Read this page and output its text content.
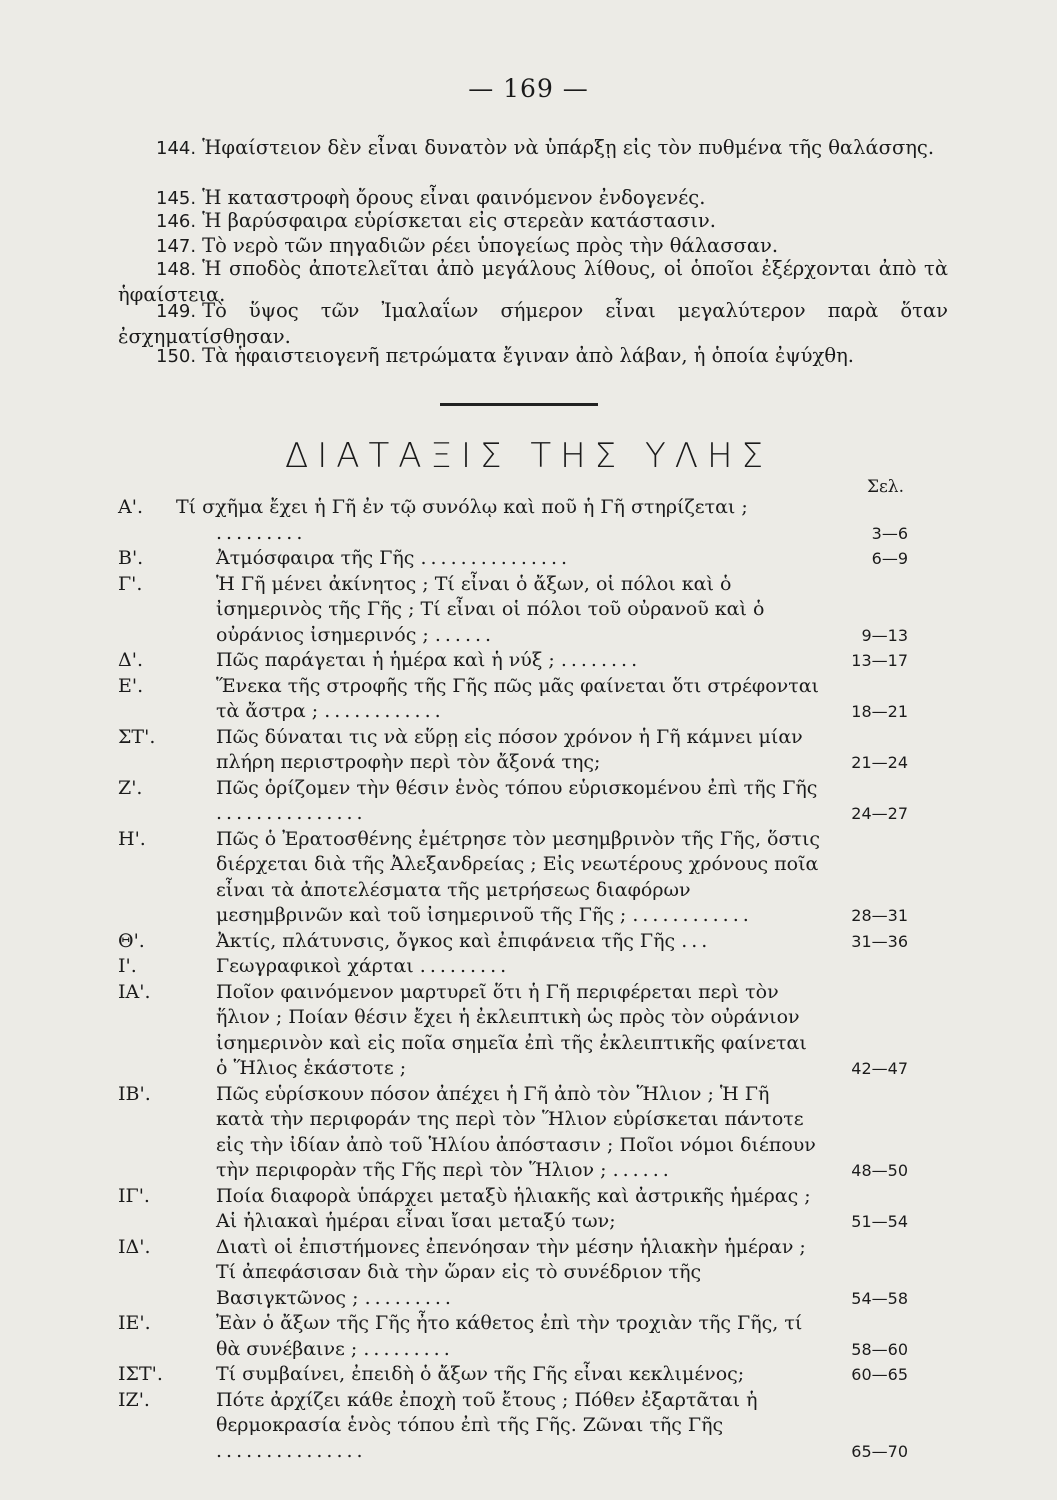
— 169 —
144. Ἡφαίστειον δὲν εἶναι δυνατὸν νὰ ὑπάρξῃ εἰς τὸν πυθμένα τῆς θαλάσσης.
145. Ἡ καταστροφὴ ὄρους εἶναι φαινόμενον ἐνδογενές.
146. Ἡ βαρύσφαιρα εὑρίσκεται εἰς στερεὰν κατάστασιν.
147. Τὸ νερὸ τῶν πηγαδιῶν ρέει ὑπογείως πρὸς τὴν θάλασσαν.
148. Ἡ σποδὸς ἀποτελεῖται ἀπὸ μεγάλους λίθους, οἱ ὁποῖοι ἐξέρχονται ἀπὸ τὰ ἡφαίστεια.
149. Τὸ ὕψος τῶν Ἰμαλαΐων σήμερον εἶναι μεγαλύτερον παρὰ ὅταν ἐσχηματίσθησαν.
150. Τὰ ἡφαιστειογενῆ πετρώματα ἔγιναν ἀπὸ λάβαν, ἡ ὁποία ἐψύχθη.
ΔΙΑΤΑΞΙΣ ΤΗΣ ΥΛΗΣ
Σελ.
Α'. Τί σχῆμα ἔχει ἡ Γῆ ἐν τῷ συνόλῳ καὶ ποῦ ἡ Γῆ στηρίζεται ; .........	3—6
Β'.	Ἀτμόσφαιρα τῆς Γῆς ...............	6—9
Γ'.	Ἡ Γῆ μένει ἀκίνητος ; Τί εἶναι ὁ ἄξων, οἱ πόλοι καὶ ὁ ἰσημερινὸς τῆς Γῆς ; Τί εἶναι οἱ πόλοι τοῦ οὐρανοῦ καὶ ὁ οὐράνιος ἰσημερινός ; ......	9—13
Δ'.	Πῶς παράγεται ἡ ἡμέρα καὶ ἡ νύξ ; ........	13—17
Ε'.	Ἕνεκα τῆς στροφῆς τῆς Γῆς πῶς μᾶς φαίνεται ὅτι στρέφονται τὰ ἄστρα ; ............	18—21
ΣΤ'.	Πῶς δύναται τις νὰ εὕρῃ εἰς πόσον χρόνον ἡ Γῆ κάμνει μίαν πλήρη περιστροφὴν περὶ τὸν ἄξονά της;	21—24
Ζ'.	Πῶς ὁρίζομεν τὴν θέσιν ἑνὸς τόπου εὑρισκομένου ἐπὶ τῆς Γῆς ...............	24—27
Η'.	Πῶς ὁ Ἐρατοσθένης ἐμέτρησε τὸν μεσημβρινὸν τῆς Γῆς, ὅστις διέρχεται διὰ τῆς Ἀλεξανδρείας ; Εἰς νεωτέρους χρόνους ποῖα εἶναι τὰ ἀποτελέσματα τῆς μετρήσεως διαφόρων μεσημβρινῶν καὶ τοῦ ἰσημερινοῦ τῆς Γῆς ; ............	28—31
Θ'.	Ἀκτίς, πλάτυνσις, ὄγκος καὶ ἐπιφάνεια τῆς Γῆς ...	31—36
Ι'.	Γεωγραφικοὶ χάρται .........
ΙΑ'.	Ποῖον φαινόμενον μαρτυρεῖ ὅτι ἡ Γῆ περιφέρεται περὶ τὸν ἥλιον ; Ποίαν θέσιν ἔχει ἡ ἐκλειπτικὴ ὡς πρὸς τὸν οὐράνιον ἰσημερινὸν καὶ εἰς ποῖα σημεῖα ἐπὶ τῆς ἐκλειπτικῆς φαίνεται ὁ Ἥλιος ἑκάστοτε ;	42—47
ΙΒ'.	Πῶς εὑρίσκουν πόσον ἀπέχει ἡ Γῆ ἀπὸ τὸν Ἥλιον ; Ἡ Γῆ κατὰ τὴν περιφοράν της περὶ τὸν Ἥλιον εὑρίσκεται πάντοτε εἰς τὴν ἰδίαν ἀπὸ τοῦ Ἡλίου ἀπόστασιν ; Ποῖοι νόμοι διέπουν τὴν περιφορὰν τῆς Γῆς περὶ τὸν Ἥλιον ; ......	48—50
ΙΓ'.	Ποία διαφορὰ ὑπάρχει μεταξὺ ἡλιακῆς καὶ ἀστρικῆς ἡμέρας ; Αἱ ἡλιακαὶ ἡμέραι εἶναι ἴσαι μεταξύ των;	51—54
ΙΔ'.	Διατὶ οἱ ἐπιστήμονες ἐπενόησαν τὴν μέσην ἡλιακὴν ἡμέραν ; Τί ἀπεφάσισαν διὰ τὴν ὥραν εἰς τὸ συνέδριον τῆς Βασιγκτῶνος ; .........	54—58
ΙΕ'.	Ἐὰν ὁ ἄξων τῆς Γῆς ἦτο κάθετος ἐπὶ τὴν τροχιὰν τῆς Γῆς, τί θὰ συνέβαινε ; .........	58—60
ΙΣΤ'.	Τί συμβαίνει, ἐπειδὴ ὁ ἄξων τῆς Γῆς εἶναι κεκλιμένος;	60—65
ΙΖ'.	Πότε ἀρχίζει κάθε ἐποχὴ τοῦ ἔτους ; Πόθεν ἐξαρτᾶται ἡ θερμοκρασία ἑνὸς τόπου ἐπὶ τῆς Γῆς. Ζῶναι τῆς Γῆς ...............	65—70
